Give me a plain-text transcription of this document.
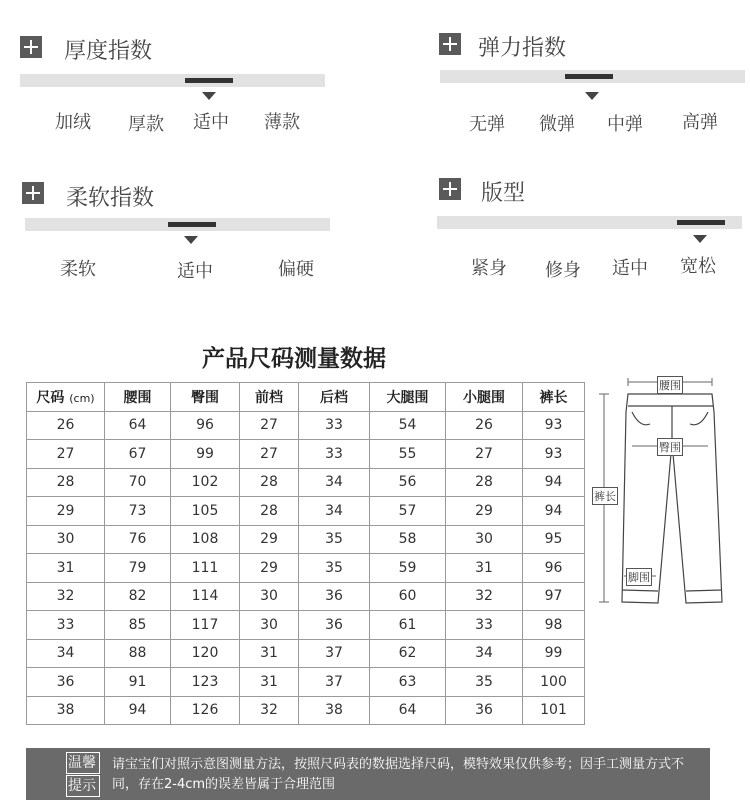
厚度指数
加绒 厚款 适中 薄款
弹力指数
无弹 微弹 中弹 高弹
柔软指数
柔软	适中	偏硬
版型
紧身 修身 适中 宽松
产品尺码测量数据
尺码 (cm)	腰围	臀围	前档	后档	大腿围	小腿围	裤长
26	64	96	27	33	54	26	93
27	67	99	27	33	55	27	93
28	70	102	28	34	56	28	94
29	73	105	28	34	57	29	94
30	76	108	29	35	58	30	95
31	79	111	29	35	59	31	96
32	82	114	30	36	60	32	97
33	85	117	30	36	61	33	98
34	88	120	31	37	62	34	99
36	91	123	31	37	63	35	100
38	94	126	32	38	64	36	101
腰围
臀围
裤长
脚围
温馨
提示
请宝宝们对照示意图测量方法，按照尺码表的数据选择尺码，模特效果仅供参考；因手工测量方式不同，存在2-4cm的误差皆属于合理范围
